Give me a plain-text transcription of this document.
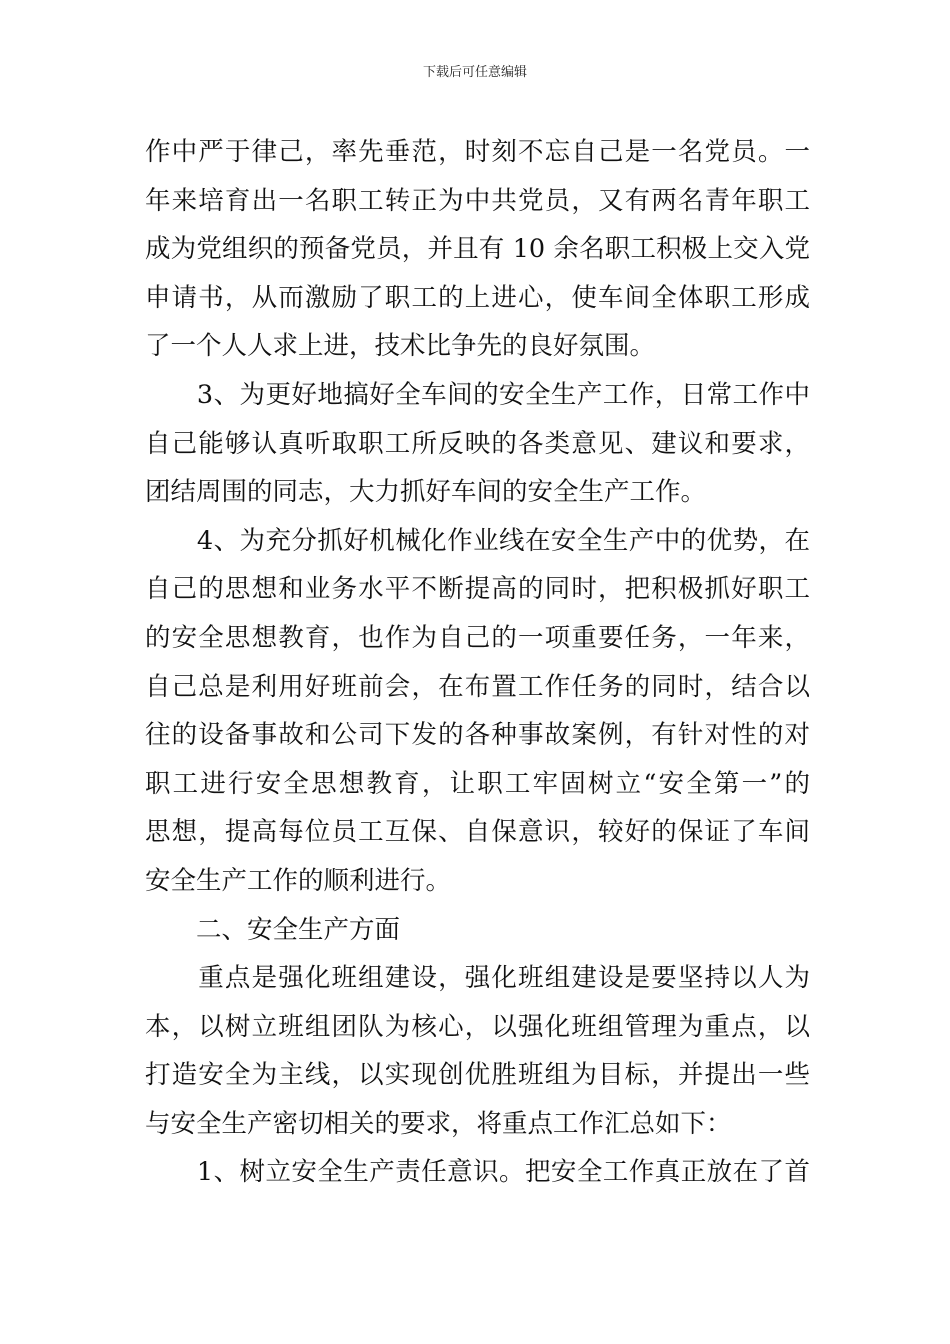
下载后可任意编辑
作中严于律己，率先垂范，时刻不忘自己是一名党员。一
年来培育出一名职工转正为中共党员，又有两名青年职工
成为党组织的预备党员，并且有 10 余名职工积极上交入党
申请书，从而激励了职工的上进心，使车间全体职工形成
了一个人人求上进，技术比争先的良好氛围。
　　3、为更好地搞好全车间的安全生产工作，日常工作中
自己能够认真听取职工所反映的各类意见、建议和要求，
团结周围的同志，大力抓好车间的安全生产工作。
　　4、为充分抓好机械化作业线在安全生产中的优势，在
自己的思想和业务水平不断提高的同时，把积极抓好职工
的安全思想教育，也作为自己的一项重要任务，一年来，
自己总是利用好班前会，在布置工作任务的同时，结合以
往的设备事故和公司下发的各种事故案例，有针对性的对
职工进行安全思想教育，让职工牢固树立“安全第一”的
思想，提高每位员工互保、自保意识，较好的保证了车间
安全生产工作的顺利进行。
　　二、安全生产方面
　　重点是强化班组建设，强化班组建设是要坚持以人为
本，以树立班组团队为核心，以强化班组管理为重点，以
打造安全为主线，以实现创优胜班组为目标，并提出一些
与安全生产密切相关的要求，将重点工作汇总如下：
　　1、树立安全生产责任意识。把安全工作真正放在了首
